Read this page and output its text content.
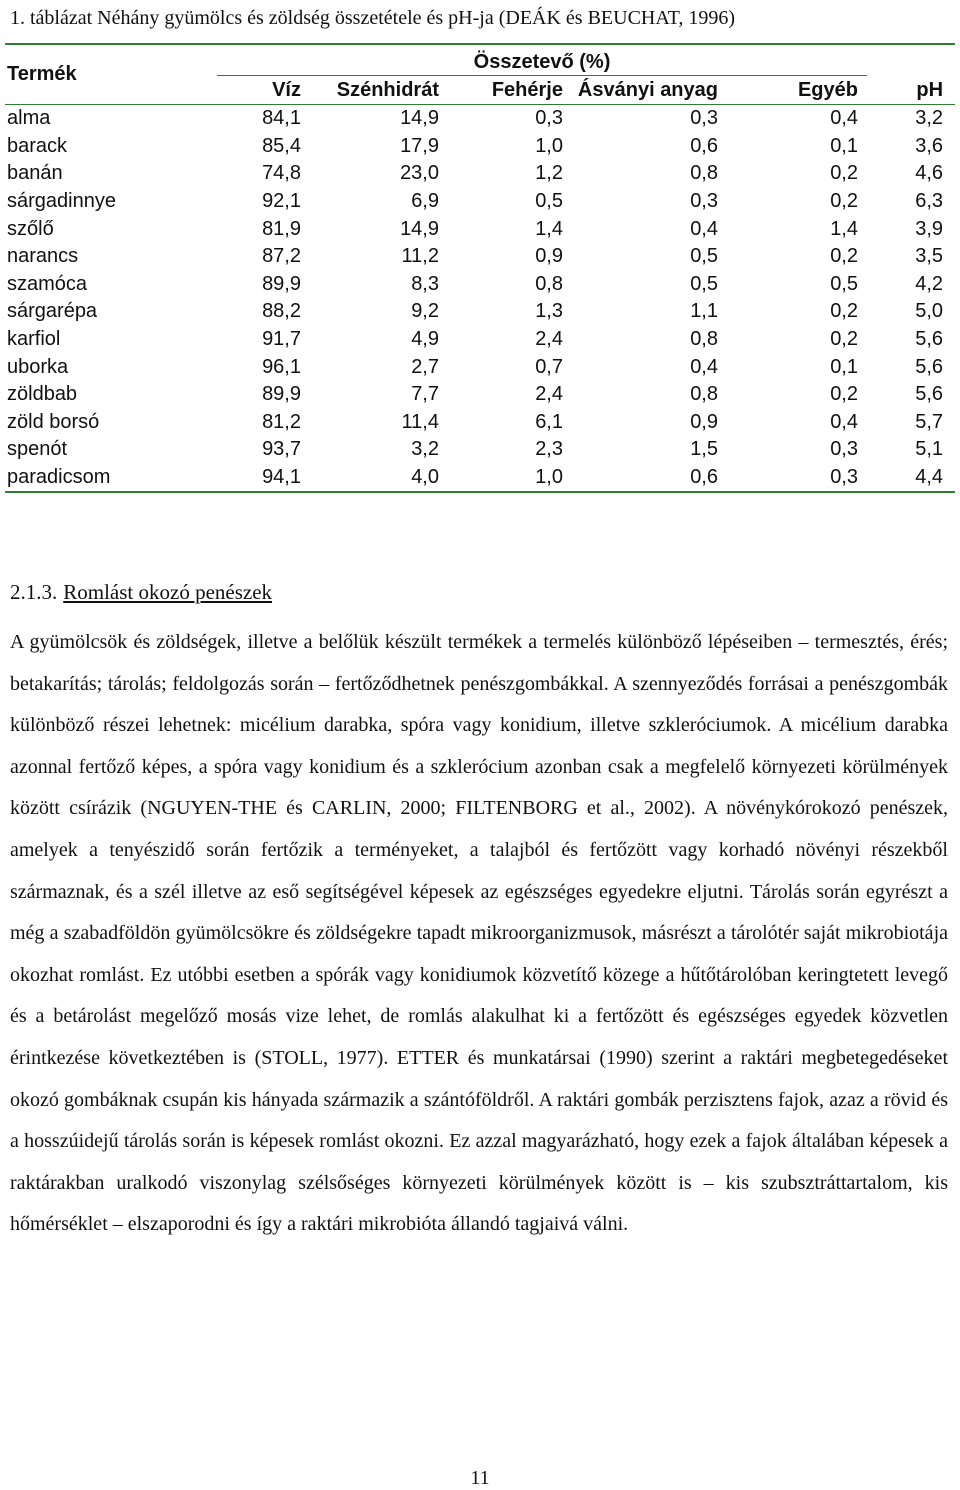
1. táblázat Néhány gyümölcs és zöldség összetétele és pH-ja (DEÁK és BEUCHAT, 1996)
Termék	Összetevő (%)					

	Víz	Szénhidrát	Fehérje	Ásványi anyag	Egyéb	pH
alma	84,1	14,9	0,3	0,3	0,4	3,2
barack	85,4	17,9	1,0	0,6	0,1	3,6
banán	74,8	23,0	1,2	0,8	0,2	4,6
sárgadinnye	92,1	6,9	0,5	0,3	0,2	6,3
szőlő	81,9	14,9	1,4	0,4	1,4	3,9
narancs	87,2	11,2	0,9	0,5	0,2	3,5
szamóca	89,9	8,3	0,8	0,5	0,5	4,2
sárgarépa	88,2	9,2	1,3	1,1	0,2	5,0
karfiol	91,7	4,9	2,4	0,8	0,2	5,6
uborka	96,1	2,7	0,7	0,4	0,1	5,6
zöldbab	89,9	7,7	2,4	0,8	0,2	5,6
zöld borsó	81,2	11,4	6,1	0,9	0,4	5,7
spenót	93,7	3,2	2,3	1,5	0,3	5,1
paradicsom	94,1	4,0	1,0	0,6	0,3	4,4
2.1.3. Romlást okozó penészek

A gyümölcsök és zöldségek, illetve a belőlük készült termékek a termelés különböző lépéseiben – termesztés, érés; betakarítás; tárolás; feldolgozás során – fertőződhetnek penészgombákkal. A szennyeződés forrásai a penészgombák különböző részei lehetnek: micélium darabka, spóra vagy konidium, illetve szkleróciumok. A micélium darabka azonnal fertőző képes, a spóra vagy konidium és a szklerócium azonban csak a megfelelő környezeti körülmények között csírázik (NGUYEN-THE és CARLIN, 2000; FILTENBORG et al., 2002). A növénykórokozó penészek, amelyek a tenyészidő során fertőzik a terményeket, a talajból és fertőzött vagy korhadó növényi részekből származnak, és a szél illetve az eső segítségével képesek az egészséges egyedekre eljutni. Tárolás során egyrészt a még a szabadföldön gyümölcsökre és zöldségekre tapadt mikroorganizmusok, másrészt a tárolótér saját mikrobiotája okozhat romlást. Ez utóbbi esetben a spórák vagy konidiumok közvetítő közege a hűtőtárolóban keringtetett levegő és a betárolást megelőző mosás vize lehet, de romlás alakulhat ki a fertőzött és egészséges egyedek közvetlen érintkezése következtében is (STOLL, 1977). ETTER és munkatársai (1990) szerint a raktári megbetegedéseket okozó gombáknak csupán kis hányada származik a szántóföldről. A raktári gombák perzisztens fajok, azaz a rövid és a hosszúidejű tárolás során is képesek romlást okozni. Ez azzal magyarázható, hogy ezek a fajok általában képesek a raktárakban uralkodó viszonylag szélsőséges környezeti körülmények között is – kis szubsztráttartalom, kis hőmérséklet – elszaporodni és így a raktári mikrobióta állandó tagjaivá válni.

11
